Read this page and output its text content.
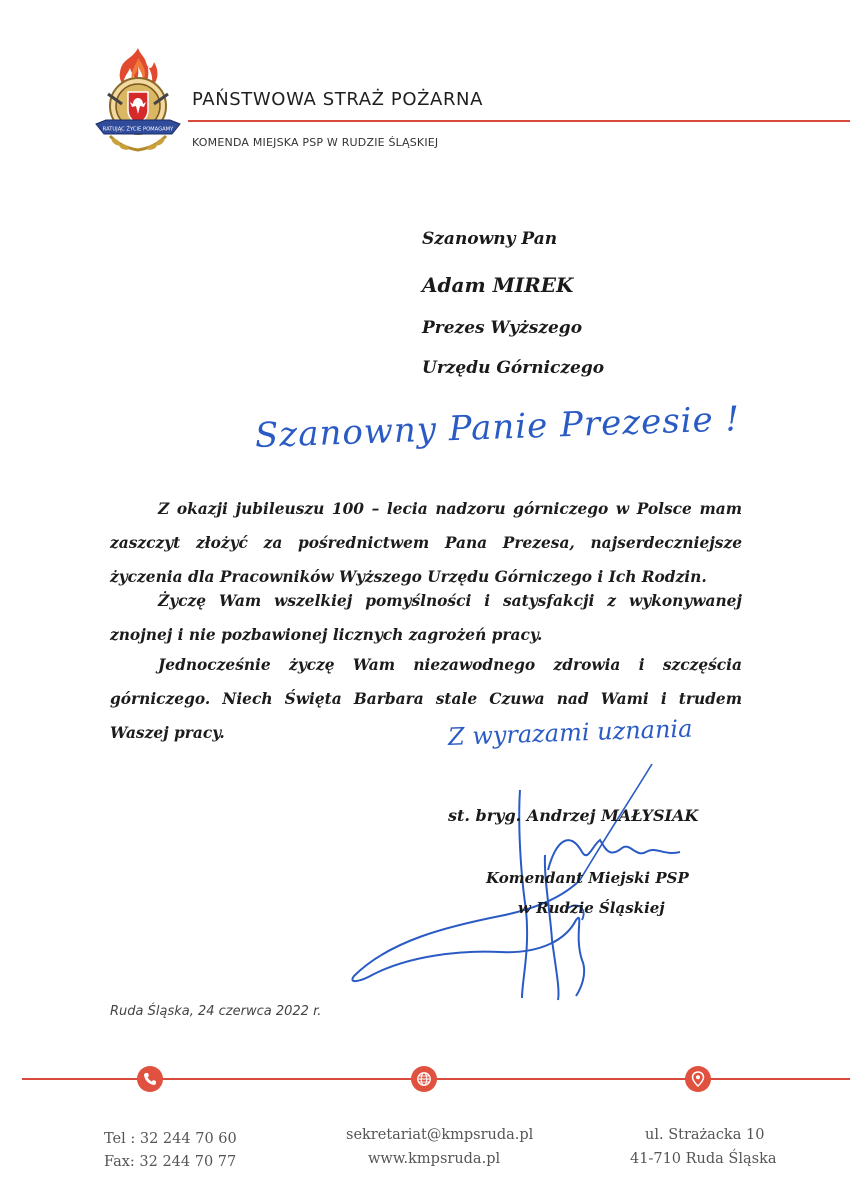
RATUJĄC ŻYCIE POMAGAMY
PAŃSTWOWA STRAŻ POŻARNA
KOMENDA MIEJSKA PSP W RUDZIE ŚLĄSKIEJ
Szanowny Pan
Adam MIREK
Prezes Wyższego
Urzędu Górniczego
Szanowny Panie Prezesie !
Z okazji jubileuszu 100 – lecia nadzoru górniczego w Polsce mam zaszczyt złożyć za pośrednictwem Pana Prezesa, najserdeczniejsze życzenia dla Pracowników Wyższego Urzędu Górniczego i Ich Rodzin.
Życzę Wam wszelkiej pomyślności i satysfakcji z wykonywanej znojnej i nie pozbawionej licznych zagrożeń pracy.
Jednocześnie życzę Wam niezawodnego zdrowia i szczęścia górniczego. Niech Święta Barbara stale Czuwa nad Wami i trudem Waszej pracy.	Z wyrazami uznania
st. bryg. Andrzej MAŁYSIAK
Komendant Miejski PSP
w Rudzie Śląskiej
Ruda Śląska, 24 czerwca 2022 r.
Tel : 32 244 70 60
Fax: 32 244 70 77
sekretariat@kmpsruda.pl
www.kmpsruda.pl
ul. Strażacka 10
41-710 Ruda Śląska
